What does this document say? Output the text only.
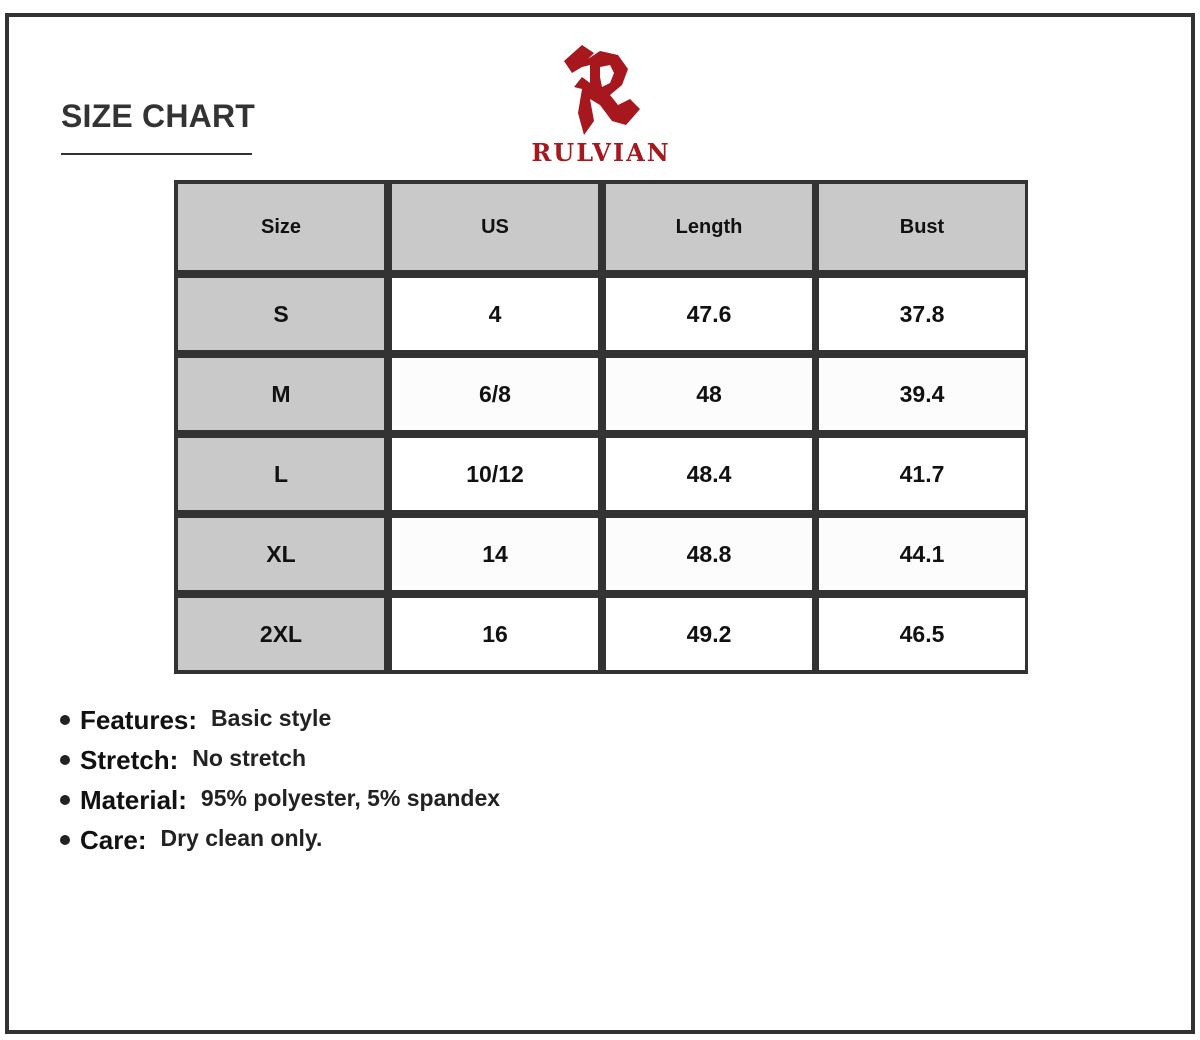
SIZE CHART
RULVIAN
Size	US	Length	Bust
S	4	47.6	37.8
M	6/8	48	39.4
L	10/12	48.4	41.7
XL	14	48.8	44.1
2XL	16	49.2	46.5
Features: Basic style
Stretch: No stretch
Material: 95% polyester, 5% spandex
Care: Dry clean only.
